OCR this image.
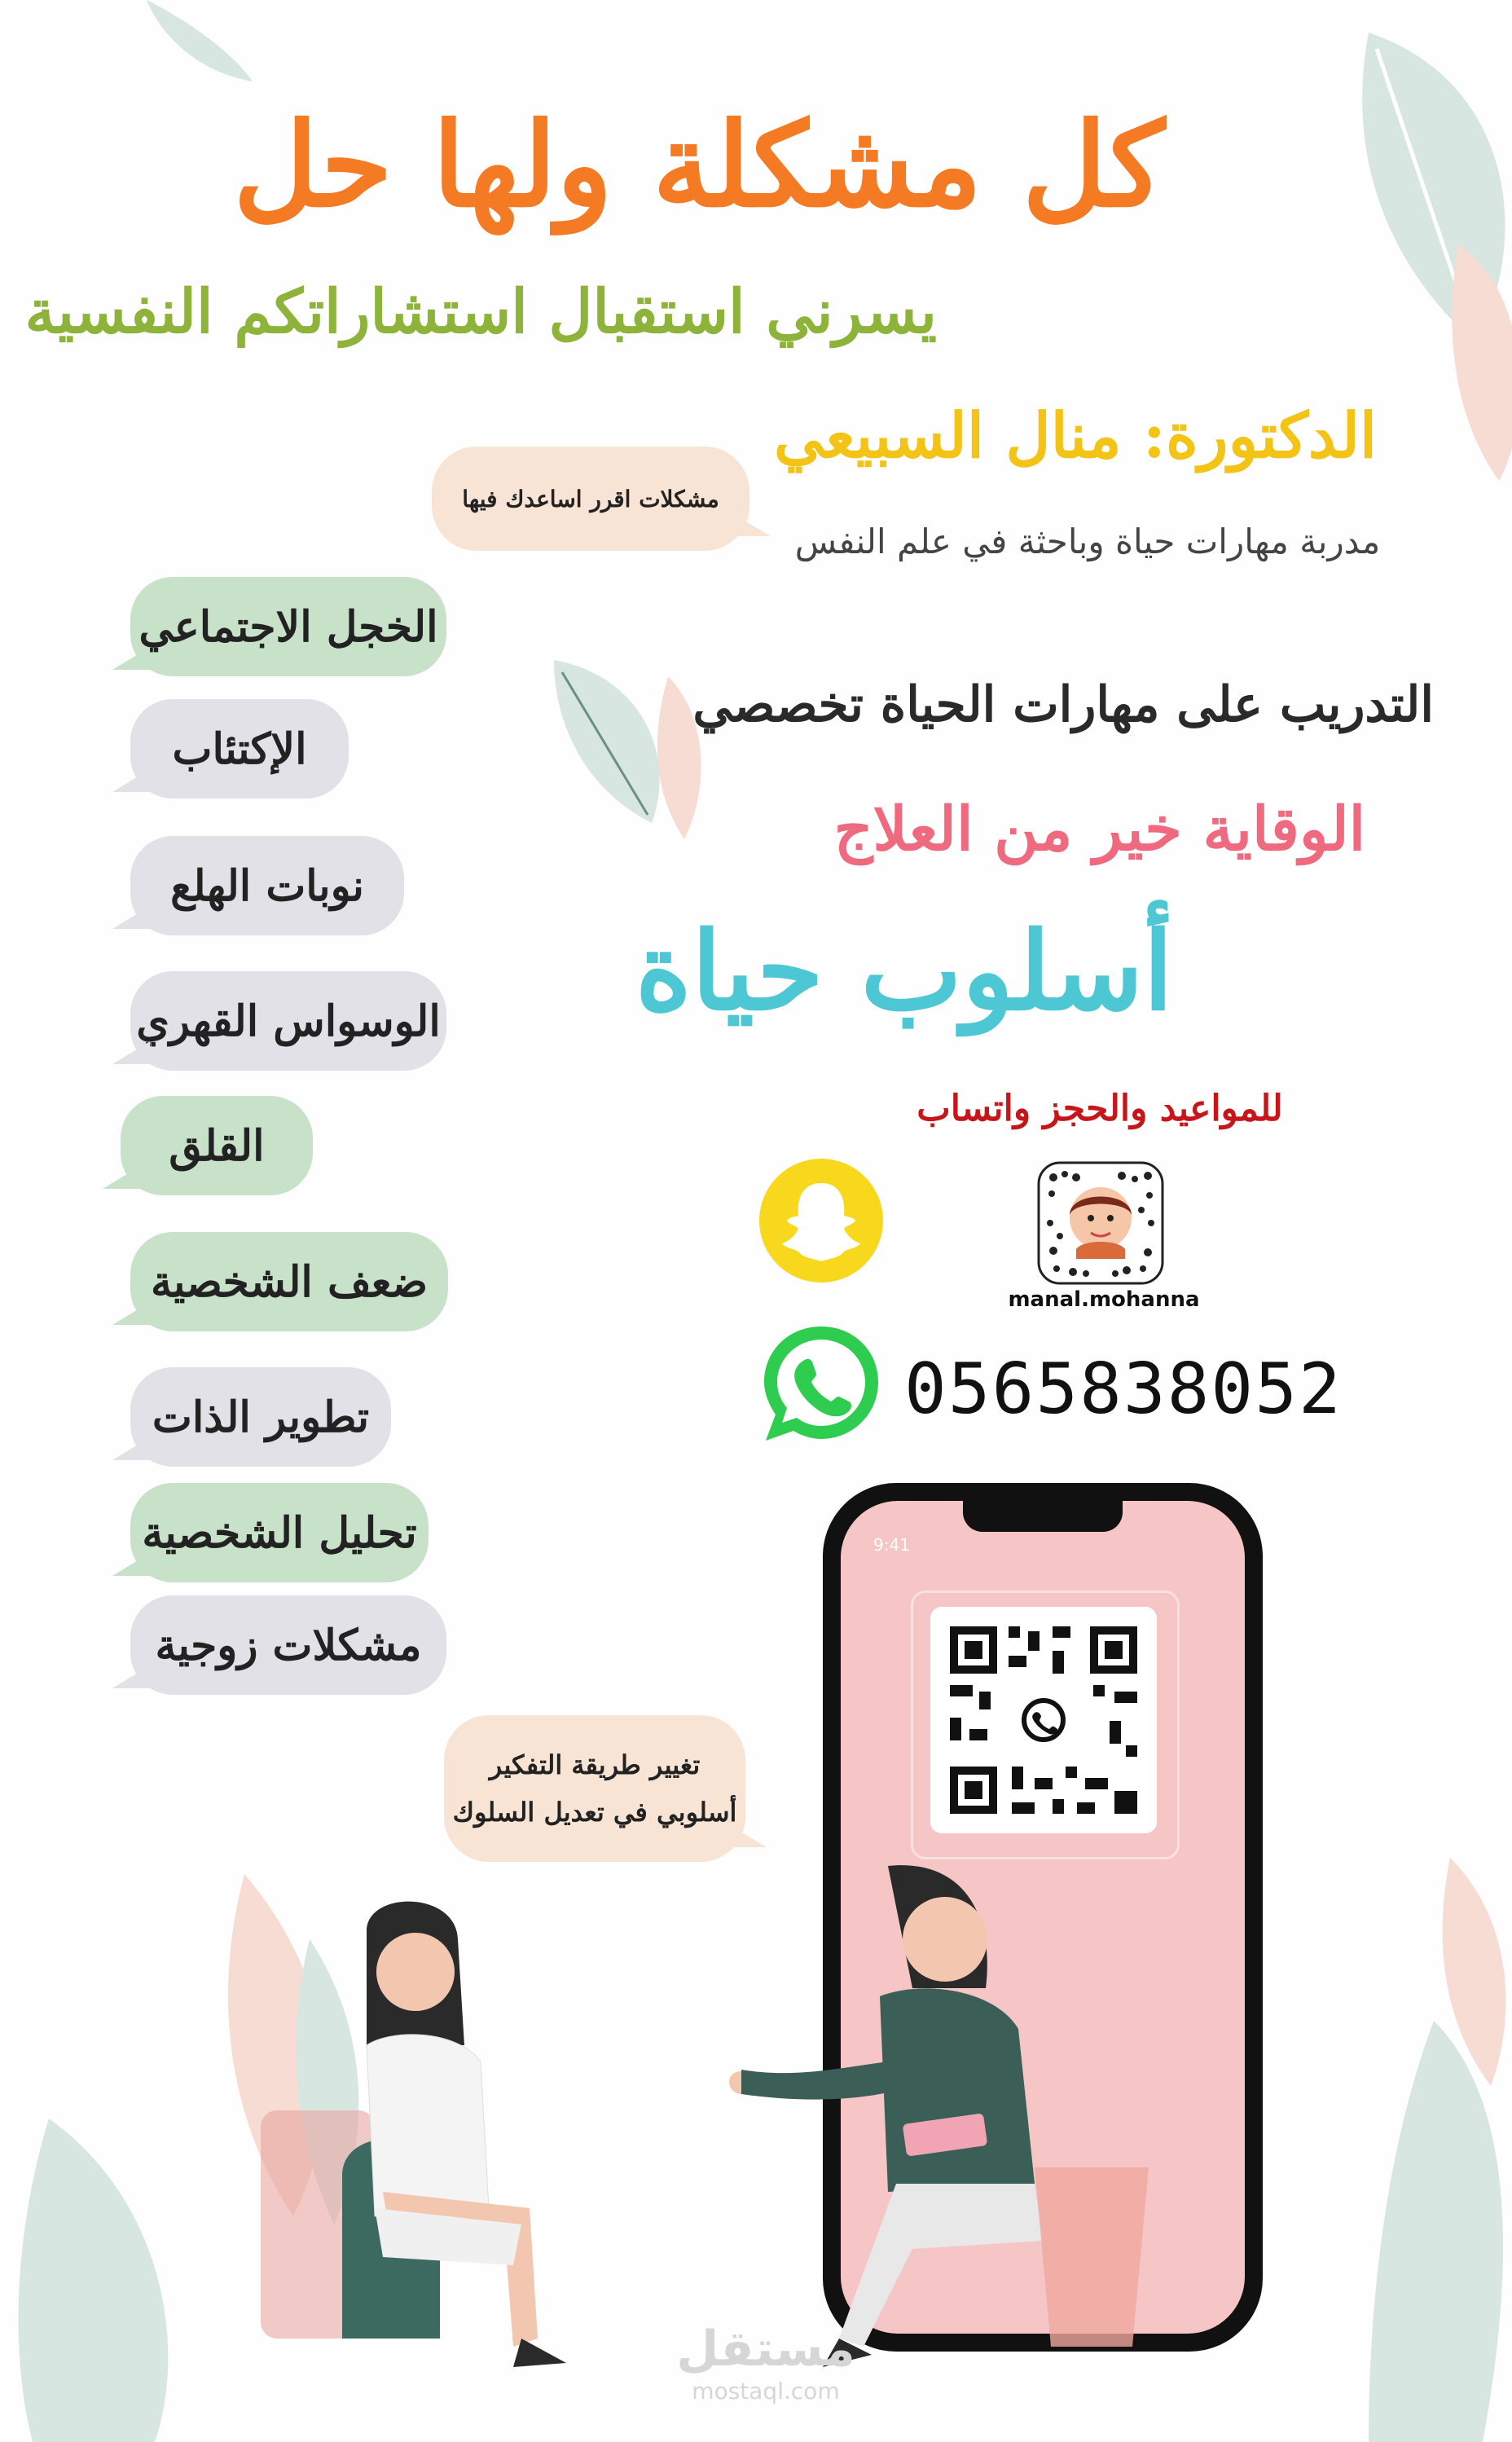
كل مشكلة ولها حل
يسرني استقبال استشاراتكم النفسية
الدكتورة: منال السبيعي
مدربة مهارات حياة وباحثة في علم النفس
مشكلات اقرر اساعدك فيها
التدريب على مهارات الحياة تخصصي
الوقاية خير من العلاج
أسلوب حياة
للمواعيد والحجز واتساب
الخجل الاجتماعي
الإكتئاب
نوبات الهلع
الوسواس القهري
القلق
ضعف الشخصية
تطوير الذات
تحليل الشخصية
مشكلات زوجية
manal.mohanna
0565838052
9:41
تغيير طريقة التفكير
أسلوبي في تعديل السلوك
مستقل
mostaql.com
